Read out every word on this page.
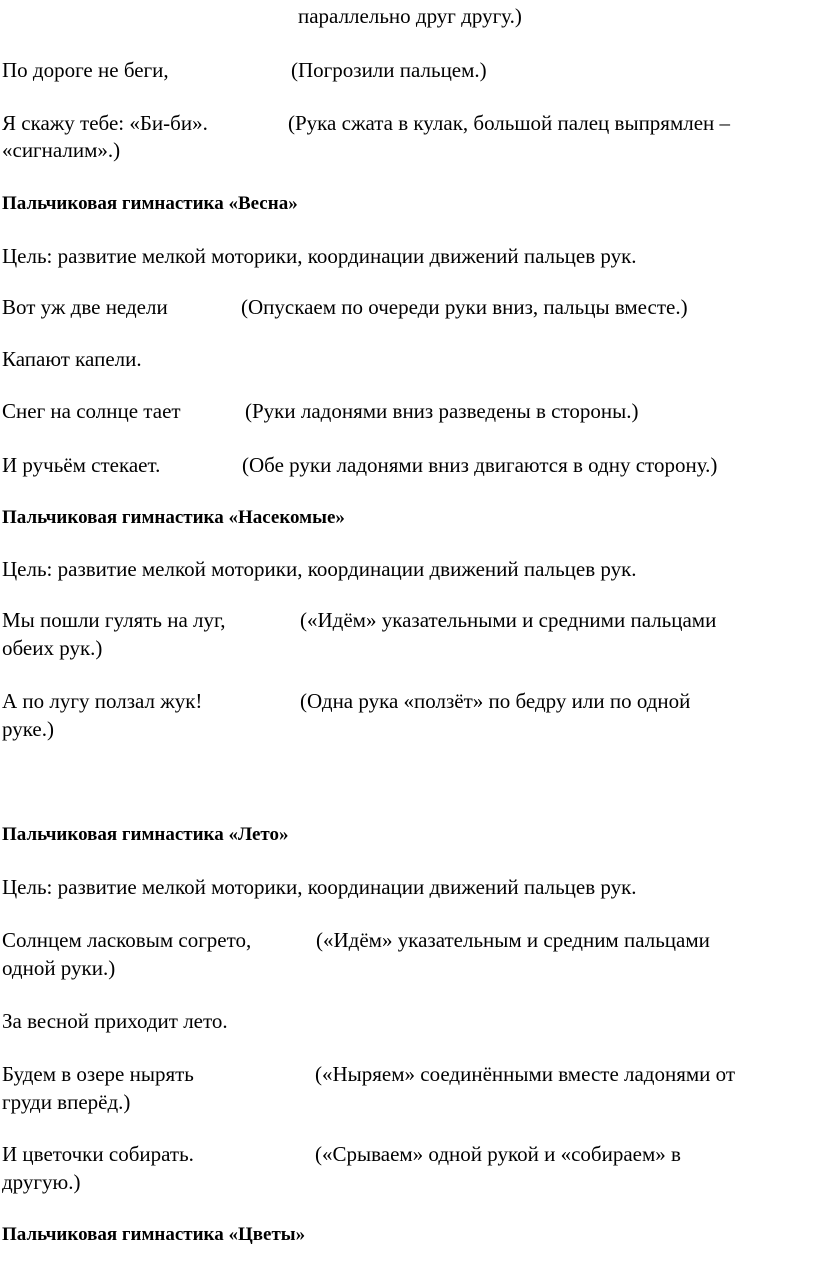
параллельно друг другу.)
По дороге не беги,	(Погрозили пальцем.)
Я скажу тебе: «Би-би».	(Рука сжата в кулак, большой палец выпрямлен –
«сигналим».)
Пальчиковая гимнастика «Весна»
Цель: развитие мелкой моторики, координации движений пальцев рук.
Вот уж две недели	(Опускаем по очереди руки вниз, пальцы вместе.)
Капают капели.
Снег на солнце тает	(Руки ладонями вниз разведены в стороны.)
И ручьём стекает.	(Обе руки ладонями вниз двигаются в одну сторону.)
Пальчиковая гимнастика «Насекомые»
Цель: развитие мелкой моторики, координации движений пальцев рук.
Мы пошли гулять на луг,	(«Идём» указательными и средними пальцами
обеих рук.)
А по лугу ползал жук!	(Одна рука «ползёт» по бедру или по одной
руке.)
Пальчиковая гимнастика «Лето»
Цель: развитие мелкой моторики, координации движений пальцев рук.
Солнцем ласковым согрето,	(«Идём» указательным и средним пальцами
одной руки.)
За весной приходит лето.
Будем в озере нырять	(«Ныряем» соединёнными вместе ладонями от
груди вперёд.)
И цветочки собирать.	(«Срываем» одной рукой и «собираем» в
другую.)
Пальчиковая гимнастика «Цветы»
